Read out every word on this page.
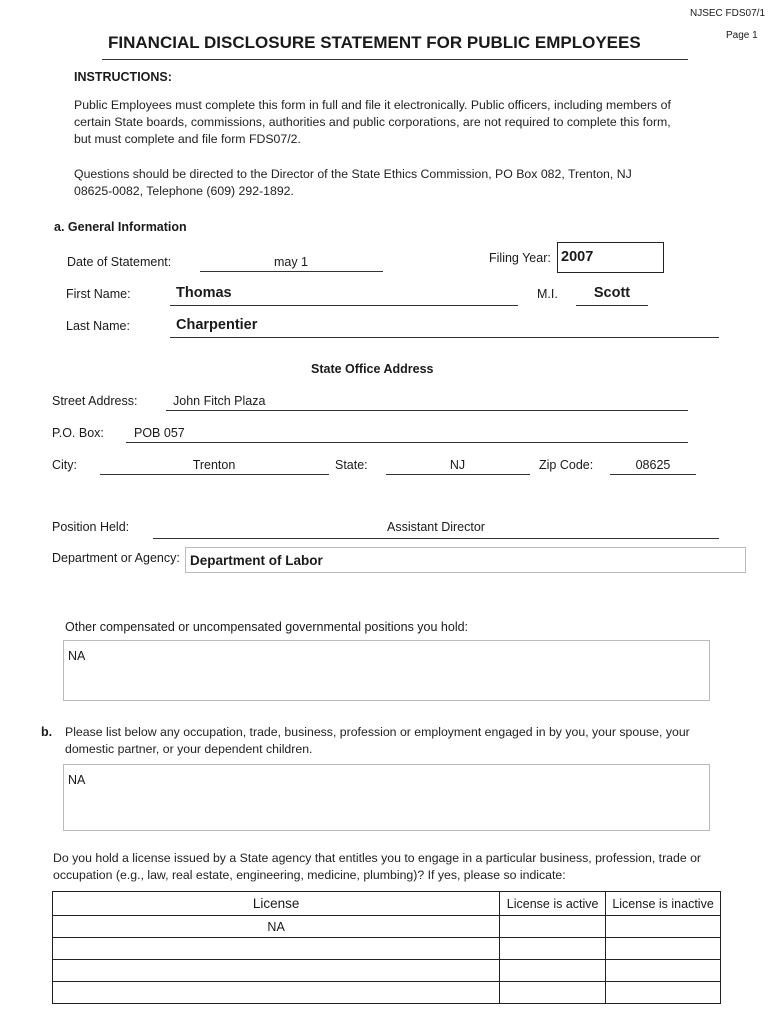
NJSEC FDS07/1
Page 1
FINANCIAL DISCLOSURE STATEMENT FOR PUBLIC EMPLOYEES
INSTRUCTIONS:
Public Employees must complete this form in full and file it electronically. Public officers, including members of
certain State boards, commissions, authorities and public corporations, are not required to complete this form,
but must complete and file form FDS07/2.
Questions should be directed to the Director of the State Ethics Commission, PO Box 082, Trenton, NJ
08625-0082, Telephone (609) 292-1892.
a. General Information
Date of Statement:	may 1	Filing Year: 2007
First Name:	Thomas	M.I.	Scott
Last Name:	Charpentier
State Office Address
Street Address:	John Fitch Plaza
P.O. Box: POB 057
City:	Trenton	State:	NJ	Zip Code:	08625
Position Held:	Assistant Director
Department or Agency: Department of Labor
Other compensated or uncompensated governmental positions you hold:
NA
b. Please list below any occupation, trade, business, profession or employment engaged in by you, your spouse, your
domestic partner, or your dependent children.
NA
Do you hold a license issued by a State agency that entitles you to engage in a particular business, profession, trade or
occupation (e.g., law, real estate, engineering, medicine, plumbing)? If yes, please so indicate:
License	License is active	License is inactive
NA		
